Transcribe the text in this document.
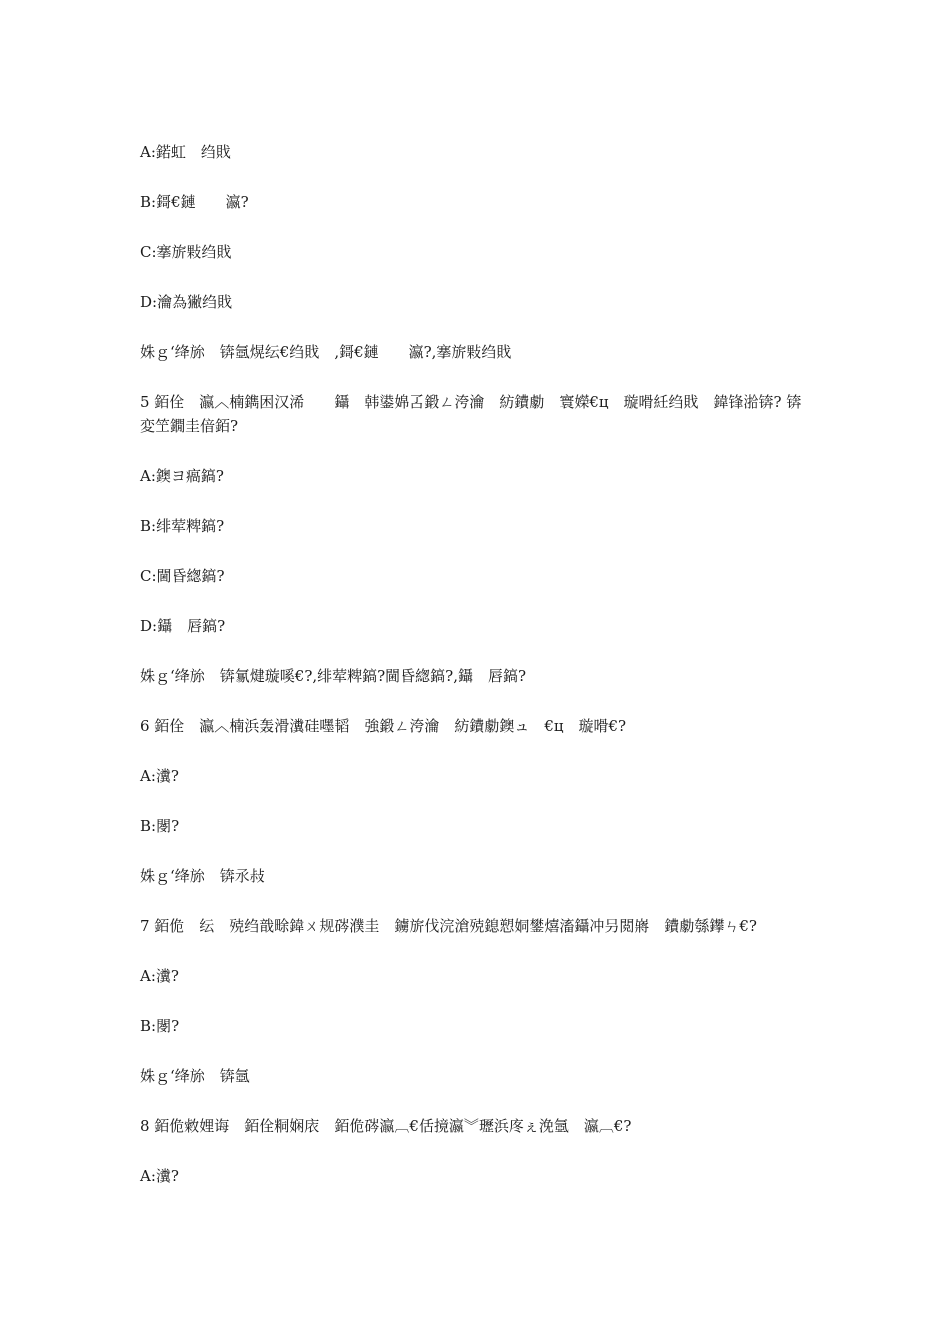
A:鍩虹　绉戝
B:鎶€鏈　　瀛?
C:搴旂敤绉戝
D:瀹為獙绉戝
姝ｇ‘绛旀　锛氬熀纭€绉戝　,鎶€鏈　　瀛?,搴旂敤绉戝
5 銆佺　瀛︿楠鐫困汉浠　　鑷　韩鍙婂叾鍛ㄥ洿瀹　紡鐨勮　寰嬫€ц　璇嗗紝绉戝　鍏锋湁锛? 锛変笁鐗圭偣銆?
A:鐭ヨ瘑鎬?
B:绯荤粺鎬?
C:閫昏緫鎬?
D:鑷　唇鎬?
姝ｇ‘绛旀　锛氱煡璇嗘€?,绯荤粺鎬?閫昏緫鎬?,鑷　唇鎬?
6 銆佺　瀛︿楠浜轰滑瀵硅嚜韬　強鍛ㄥ洿瀹　紡鐨勮鐭ュ　€ц　璇嗗€?
A:瀵?
B:閿?
姝ｇ‘绛旀　锛氶敊
7 銆佹　纭　殑绉戠畭鍏ㄨ规硶濮圭　鐪旂伐浣滄殑鎴愬姛鐢熺滀鑷冲叧閲嶈　鐨勮綔鑻ㄣ€?
A:瀵?
B:閿?
姝ｇ‘绛旀　锛氬
8 銆佹敹娌诲　銆佺粡娴庡　銆佹硶瀛︹€佸摬瀛︾瓑浜庝ぇ浼氬　瀛︹€?
A:瀵?
